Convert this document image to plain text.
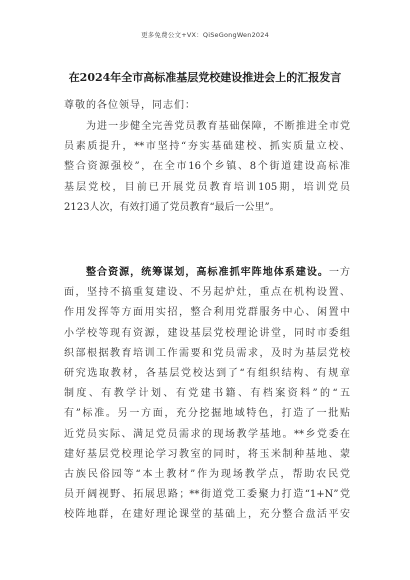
更多免费公文+VX：QiSeGongWen2024
在2024年全市高标准基层党校建设推进会上的汇报发言
尊敬的各位领导，同志们：
为进一步健全完善党员教育基础保障，不断推进全市党
员素质提升，**市坚持“夯实基础建校、抓实质量立校、
整合资源强校”，在全市16个乡镇、8个街道建设高标准
基层党校，目前已开展党员教育培训105期，培训党员
2123人次，有效打通了党员教育“最后一公里”。
整合资源，统筹谋划，高标准抓牢阵地体系建设。一方
面，坚持不搞重复建设、不另起炉灶，重点在机构设置、
作用发挥等方面用实招，整合利用党群服务中心、闲置中
小学校等现有资源，建设基层党校理论讲堂，同时市委组
织部根据教育培训工作需要和党员需求，及时为基层党校
研究选取教材，各基层党校达到了“有组织结构、有规章
制度、有教学计划、有党建书籍、有档案资料”的“五
有”标准。另一方面，充分挖掘地域特色，打造了一批贴
近党员实际、满足党员需求的现场教学基地。**乡党委在
建好基层党校理论学习教室的同时，将玉米制种基地、蒙
古族民俗园等“本土教材”作为现场教学点，帮助农民党
员开阔视野、拓展思路；**街道党工委聚力打造“1+N”党
校阵地群，在建好理论课堂的基础上，充分整合盘活平安
